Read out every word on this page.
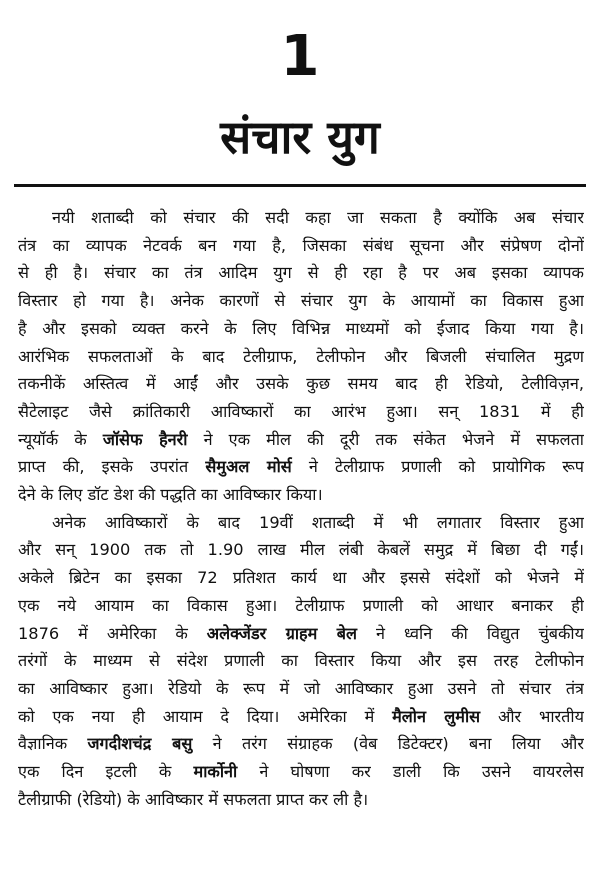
1
संचार युग
नयी शताब्दी को संचार की सदी कहा जा सकता है क्योंकि अब संचार
तंत्र का व्यापक नेटवर्क बन गया है, जिसका संबंध सूचना और संप्रेषण दोनों
से ही है। संचार का तंत्र आदिम युग से ही रहा है पर अब इसका व्यापक
विस्तार हो गया है। अनेक कारणों से संचार युग के आयामों का विकास हुआ
है और इसको व्यक्त करने के लिए विभिन्न माध्यमों को ईजाद किया गया है।
आरंभिक सफलताओं के बाद टेलीग्राफ, टेलीफोन और बिजली संचालित मुद्रण
तकनीकें अस्तित्व में आईं और उसके कुछ समय बाद ही रेडियो, टेलीविज़न,
सैटेलाइट जैसे क्रांतिकारी आविष्कारों का आरंभ हुआ। सन् 1831 में ही
न्यूयॉर्क के जॉसेफ हैनरी ने एक मील की दूरी तक संकेत भेजने में सफलता
प्राप्त की, इसके उपरांत सैमुअल मोर्स ने टेलीग्राफ प्रणाली को प्रायोगिक रूप
देने के लिए डॉट डेश की पद्धति का आविष्कार किया।
अनेक आविष्कारों के बाद 19वीं शताब्दी में भी लगातार विस्तार हुआ
और सन् 1900 तक तो 1.90 लाख मील लंबी केबलें समुद्र में बिछा दी गईं।
अकेले ब्रिटेन का इसका 72 प्रतिशत कार्य था और इससे संदेशों को भेजने में
एक नये आयाम का विकास हुआ। टेलीग्राफ प्रणाली को आधार बनाकर ही
1876 में अमेरिका के अलेक्जेंडर ग्राहम बेल ने ध्वनि की विद्युत चुंबकीय
तरंगों के माध्यम से संदेश प्रणाली का विस्तार किया और इस तरह टेलीफोन
का आविष्कार हुआ। रेडियो के रूप में जो आविष्कार हुआ उसने तो संचार तंत्र
को एक नया ही आयाम दे दिया। अमेरिका में मैलोन लुमीस और भारतीय
वैज्ञानिक जगदीशचंद्र बसु ने तरंग संग्राहक (वेब डिटेक्टर) बना लिया और
एक दिन इटली के मार्कोनी ने घोषणा कर डाली कि उसने वायरलेस
टैलीग्राफी (रेडियो) के आविष्कार में सफलता प्राप्त कर ली है।
